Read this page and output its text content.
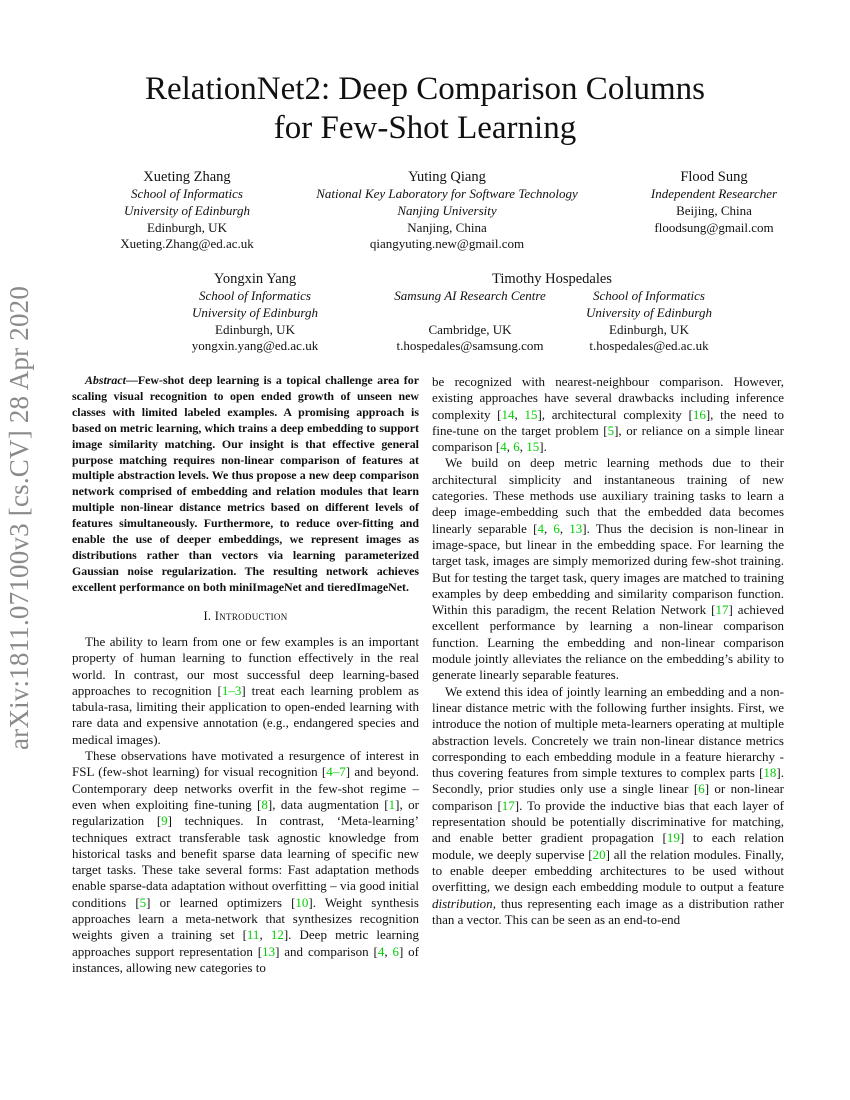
arXiv:1811.07100v3 [cs.CV] 28 Apr 2020
RelationNet2: Deep Comparison Columns
for Few-Shot Learning
Xueting Zhang
School of Informatics
University of Edinburgh
Edinburgh, UK
Xueting.Zhang@ed.ac.uk
Yuting Qiang
National Key Laboratory for Software Technology
Nanjing University
Nanjing, China
qiangyuting.new@gmail.com
Flood Sung
Independent Researcher
Beijing, China
floodsung@gmail.com
Yongxin Yang
School of Informatics
University of Edinburgh
Edinburgh, UK
yongxin.yang@ed.ac.uk
Timothy Hospedales
Samsung AI Research Centre

Cambridge, UK
t.hospedales@samsung.com
School of Informatics
University of Edinburgh
Edinburgh, UK
t.hospedales@ed.ac.uk

Abstract—Few-shot deep learning is a topical challenge area for scaling visual recognition to open ended growth of unseen new classes with limited labeled examples. A promising approach is based on metric learning, which trains a deep embedding to support image similarity matching. Our insight is that effective general purpose matching requires non-linear comparison of features at multiple abstraction levels. We thus propose a new deep comparison network comprised of embedding and relation modules that learn multiple non-linear distance metrics based on different levels of features simultaneously. Furthermore, to reduce over-fitting and enable the use of deeper embeddings, we represent images as distributions rather than vectors via learning parameterized Gaussian noise regularization. The resulting network achieves excellent performance on both miniImageNet and tieredImageNet.

I. Introduction

The ability to learn from one or few examples is an important property of human learning to function effectively in the real world. In contrast, our most successful deep learning-based approaches to recognition [1–3] treat each learning problem as tabula-rasa, limiting their application to open-ended learning with rare data and expensive annotation (e.g., endangered species and medical images).

These observations have motivated a resurgence of interest in FSL (few-shot learning) for visual recognition [4–7] and beyond. Contemporary deep networks overfit in the few-shot regime – even when exploiting fine-tuning [8], data augmentation [1], or regularization [9] techniques. In contrast, ‘Meta-learning’ techniques extract transferable task agnostic knowledge from historical tasks and benefit sparse data learning of specific new target tasks. These take several forms: Fast adaptation methods enable sparse-data adaptation without overfitting – via good initial conditions [5] or learned optimizers [10]. Weight synthesis approaches learn a meta-network that synthesizes recognition weights given a training set [11, 12]. Deep metric learning approaches support representation [13] and comparison [4, 6] of instances, allowing new categories to

be recognized with nearest-neighbour comparison. However, existing approaches have several drawbacks including inference complexity [14, 15], architectural complexity [16], the need to fine-tune on the target problem [5], or reliance on a simple linear comparison [4, 6, 15].

We build on deep metric learning methods due to their architectural simplicity and instantaneous training of new categories. These methods use auxiliary training tasks to learn a deep image-embedding such that the embedded data becomes linearly separable [4, 6, 13]. Thus the decision is non-linear in image-space, but linear in the embedding space. For learning the target task, images are simply memorized during few-shot training. But for testing the target task, query images are matched to training examples by deep embedding and similarity comparison function. Within this paradigm, the recent Relation Network [17] achieved excellent performance by learning a non-linear comparison function. Learning the embedding and non-linear comparison module jointly alleviates the reliance on the embedding’s ability to generate linearly separable features.

We extend this idea of jointly learning an embedding and a non-linear distance metric with the following further insights. First, we introduce the notion of multiple meta-learners operating at multiple abstraction levels. Concretely we train non-linear distance metrics corresponding to each embedding module in a feature hierarchy - thus covering features from simple textures to complex parts [18]. Secondly, prior studies only use a single linear [6] or non-linear comparison [17]. To provide the inductive bias that each layer of representation should be potentially discriminative for matching, and enable better gradient propagation [19] to each relation module, we deeply supervise [20] all the relation modules. Finally, to enable deeper embedding architectures to be used without overfitting, we design each embedding module to output a feature distribution, thus representing each image as a distribution rather than a vector. This can be seen as an end-to-end
